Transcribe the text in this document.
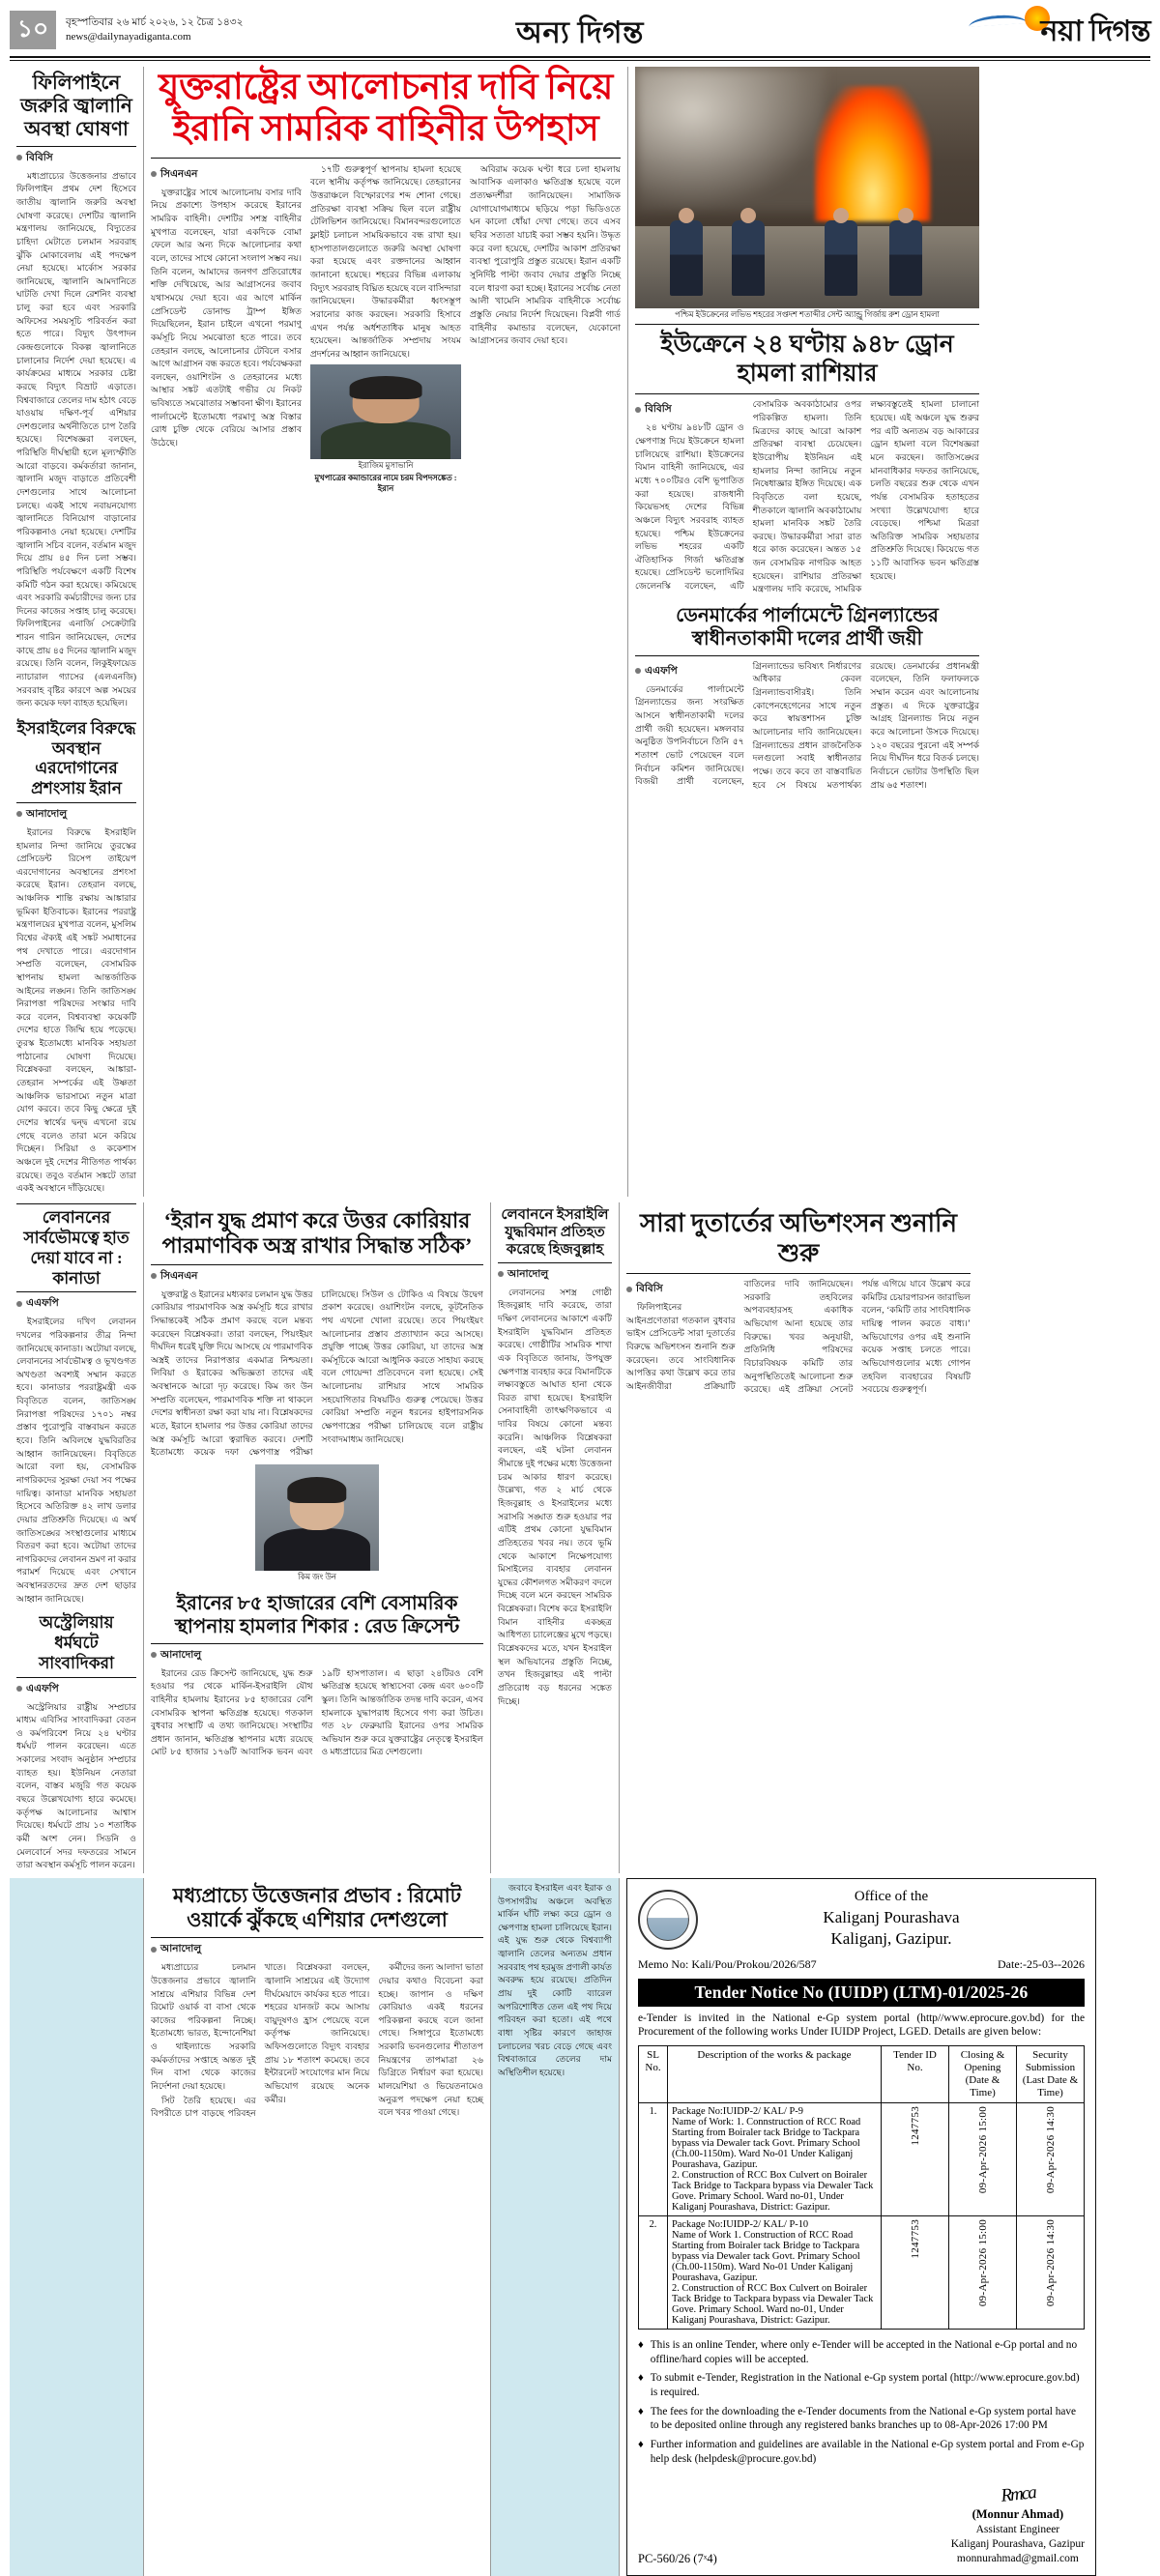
১০	বৃহস্পতিবার ২৬ মার্চ ২০২৬, ১২ চৈত্র ১৪৩২
news@dailynayadiganta.com	অন্য দিগন্ত	নয়া দিগন্ত
ফিলিপাইনে জরুরি জ্বালানি অবস্থা ঘোষণা
বিবিসি

মধ্যপ্রাচ্যের উত্তেজনার প্রভাবে ফিলিপাইন প্রথম দেশ হিসেবে জাতীয় জ্বালানি জরুরি অবস্থা ঘোষণা করেছে। দেশটির জ্বালানি মন্ত্রণালয় জানিয়েছে, বিদ্যুতের চাহিদা মেটাতে চলমান সরবরাহ ঝুঁকি মোকাবেলায় এই পদক্ষেপ নেয়া হয়েছে। মার্কোস সরকার জানিয়েছে, জ্বালানি আমদানিতে ঘাটতি দেখা দিলে রেশনিং ব্যবস্থা চালু করা হবে এবং সরকারি অফিসের সময়সূচি পরিবর্তন করা হতে পারে। বিদ্যুৎ উৎপাদন কেন্দ্রগুলোকে বিকল্প জ্বালানিতে চালানোর নির্দেশ দেয়া হয়েছে। এ কার্যক্রমের মাধ্যমে সরকার চেষ্টা করছে বিদ্যুৎ বিভ্রাট এড়াতে। বিশ্ববাজারে তেলের দাম হঠাৎ বেড়ে যাওয়ায় দক্ষিণ-পূর্ব এশিয়ার দেশগুলোর অর্থনীতিতে চাপ তৈরি হয়েছে। বিশেষজ্ঞরা বলছেন, পরিস্থিতি দীর্ঘস্থায়ী হলে মূল্যস্ফীতি আরো বাড়বে। কর্মকর্তারা জানান, জ্বালানি মজুদ বাড়াতে প্রতিবেশী দেশগুলোর সাথে আলোচনা চলছে। একই সাথে নবায়নযোগ্য জ্বালানিতে বিনিয়োগ বাড়ানোর পরিকল্পনাও নেয়া হয়েছে। দেশটির জ্বালানি সচিব বলেন, বর্তমান মজুদ দিয়ে প্রায় ৪৫ দিন চলা সম্ভব। পরিস্থিতি পর্যবেক্ষণে একটি বিশেষ কমিটি গঠন করা হয়েছে। কমিয়েছে এবং সরকারি কর্মচারীদের জন্য চার দিনের কাজের সপ্তাহ চালু করেছে। ফিলিপাইনের এনার্জি সেক্রেটারি শারন গারিন জানিয়েছেন, দেশের কাছে প্রায় ৪৫ দিনের জ্বালানি মজুদ রয়েছে। তিনি বলেন, লিকুইফায়েড ন্যাচারাল গ্যাসের (এলএনজি) সরবরাহ বৃষ্টির কারণে অল্প সময়ের জন্য কয়েক দফা ব্যাহত হয়েছিল।

ইসরাইলের বিরুদ্ধে অবস্থান এরদোগানের প্রশংসায় ইরান
আনাদোলু

ইরানের বিরুদ্ধে ইসরাইলি হামলার নিন্দা জানিয়ে তুরস্কের প্রেসিডেন্ট রিসেপ তাইয়েপ এরদোগানের অবস্থানের প্রশংসা করেছে ইরান। তেহরান বলছে, আঞ্চলিক শান্তি রক্ষায় আঙ্কারার ভূমিকা ইতিবাচক। ইরানের পররাষ্ট্র মন্ত্রণালয়ের মুখপাত্র বলেন, মুসলিম বিশ্বের ঐক্যই এই সঙ্কট সমাধানের পথ দেখাতে পারে। এরদোগান সম্প্রতি বলেছেন, বেসামরিক স্থাপনায় হামলা আন্তর্জাতিক আইনের লঙ্ঘন। তিনি জাতিসঙ্ঘ নিরাপত্তা পরিষদের সংস্কার দাবি করে বলেন, বিশ্বব্যবস্থা কয়েকটি দেশের হাতে জিম্মি হয়ে পড়েছে। তুরস্ক ইতোমধ্যে মানবিক সহায়তা পাঠানোর ঘোষণা দিয়েছে। বিশ্লেষকরা বলছেন, আঙ্কারা-তেহরান সম্পর্কের এই উষ্ণতা আঞ্চলিক ভারসাম্যে নতুন মাত্রা যোগ করবে। তবে কিছু ক্ষেত্রে দুই দেশের স্বার্থের দ্বন্দ্ব এখনো রয়ে গেছে বলেও তারা মনে করিয়ে দিচ্ছেন। সিরিয়া ও ককেশাস অঞ্চলে দুই দেশের নীতিগত পার্থক্য রয়েছে। তবুও বর্তমান সঙ্কটে তারা একই অবস্থানে দাঁড়িয়েছে।

যুক্তরাষ্ট্রের আলোচনার দাবি নিয়ে ইরানি সামরিক বাহিনীর উপহাস
সিএনএন

যুক্তরাষ্ট্রের সাথে আলোচনায় বসার দাবি নিয়ে প্রকাশ্যে উপহাস করেছে ইরানের সামরিক বাহিনী। দেশটির সশস্ত্র বাহিনীর মুখপাত্র বলেছেন, যারা একদিকে বোমা ফেলে আর অন্য দিকে আলোচনার কথা বলে, তাদের সাথে কোনো সংলাপ সম্ভব নয়। তিনি বলেন, আমাদের জনগণ প্রতিরোধের শক্তি দেখিয়েছে, আর আগ্রাসনের জবাব যথাসময়ে দেয়া হবে। এর আগে মার্কিন প্রেসিডেন্ট ডোনাল্ড ট্রাম্প ইঙ্গিত দিয়েছিলেন, ইরান চাইলে এখনো পরমাণু কর্মসূচি নিয়ে সমঝোতা হতে পারে। তবে তেহরান বলছে, আলোচনার টেবিলে বসার আগে আগ্রাসন বন্ধ করতে হবে। পর্যবেক্ষকরা বলছেন, ওয়াশিংটন ও তেহরানের মধ্যে আস্থার সঙ্কট এতটাই গভীর যে নিকট ভবিষ্যতে সমঝোতার সম্ভাবনা ক্ষীণ। ইরানের পার্লামেন্টে ইতোমধ্যে পরমাণু অস্ত্র বিস্তার রোধ চুক্তি থেকে বেরিয়ে আসার প্রস্তাব উঠেছে।

১৭টি গুরুত্বপূর্ণ স্থাপনায় হামলা হয়েছে বলে স্থানীয় কর্তৃপক্ষ জানিয়েছে। তেহরানের উত্তরাঞ্চলে বিস্ফোরণের শব্দ শোনা গেছে। প্রতিরক্ষা ব্যবস্থা সক্রিয় ছিল বলে রাষ্ট্রীয় টেলিভিশন জানিয়েছে। বিমানবন্দরগুলোতে ফ্লাইট চলাচল সাময়িকভাবে বন্ধ রাখা হয়। হাসপাতালগুলোতে জরুরি অবস্থা ঘোষণা করা হয়েছে এবং রক্তদানের আহ্বান জানানো হয়েছে। শহরের বিভিন্ন এলাকায় বিদ্যুৎ সরবরাহ বিঘ্নিত হয়েছে বলে বাসিন্দারা জানিয়েছেন। উদ্ধারকর্মীরা ধ্বংসস্তূপ সরানোর কাজ করছেন। সরকারি হিসাবে এখন পর্যন্ত অর্ধশতাধিক মানুষ আহত হয়েছেন। আন্তর্জাতিক সম্প্রদায় সংযম প্রদর্শনের আহ্বান জানিয়েছে।

ইরাজিম মুসাভানি
মুখপাত্রের কমান্ডারের নামে চরম বিপদসঙ্কেত : ইরান

অবিরাম কয়েক ঘণ্টা ধরে চলা হামলায় আবাসিক এলাকাও ক্ষতিগ্রস্ত হয়েছে বলে প্রত্যক্ষদর্শীরা জানিয়েছেন। সামাজিক যোগাযোগমাধ্যমে ছড়িয়ে পড়া ভিডিওতে ঘন কালো ধোঁয়া দেখা গেছে। তবে এসব ছবির সত্যতা যাচাই করা সম্ভব হয়নি। উদ্ধৃত করে বলা হয়েছে, দেশটির আকাশ প্রতিরক্ষা ব্যবস্থা পুরোপুরি প্রস্তুত রয়েছে। ইরান একটি সুনির্দিষ্ট পাল্টা জবাব দেয়ার প্রস্তুতি নিচ্ছে বলে ধারণা করা হচ্ছে। ইরানের সর্বোচ্চ নেতা আলী খামেনি সামরিক বাহিনীকে সর্বোচ্চ প্রস্তুতি নেয়ার নির্দেশ দিয়েছেন। বিপ্লবী গার্ড বাহিনীর কমান্ডার বলেছেন, যেকোনো আগ্রাসনের জবাব দেয়া হবে।

পশ্চিম ইউক্রেনের লভিভ শহরের সপ্তদশ শতাব্দীর সেন্ট অ্যান্ড্রু গির্জায় রুশ ড্রোন হামলা
ইউক্রেনে ২৪ ঘণ্টায় ৯৪৮ ড্রোন হামলা রাশিয়ার
বিবিসি

২৪ ঘণ্টায় ৯৪৮টি ড্রোন ও ক্ষেপণাস্ত্র দিয়ে ইউক্রেনে হামলা চালিয়েছে রাশিয়া। ইউক্রেনের বিমান বাহিনী জানিয়েছে, এর মধ্যে ৭০০টিরও বেশি ভূপাতিত করা হয়েছে। রাজধানী কিয়েভসহ দেশের বিভিন্ন অঞ্চলে বিদ্যুৎ সরবরাহ ব্যাহত হয়েছে। পশ্চিম ইউক্রেনের লভিভ শহরের একটি ঐতিহাসিক গির্জা ক্ষতিগ্রস্ত হয়েছে। প্রেসিডেন্ট ভলোদিমির জেলেনস্কি বলেছেন, এটি বেসামরিক অবকাঠামোর ওপর পরিকল্পিত হামলা। তিনি মিত্রদের কাছে আরো আকাশ প্রতিরক্ষা ব্যবস্থা চেয়েছেন। ইউরোপীয় ইউনিয়ন এই হামলার নিন্দা জানিয়ে নতুন নিষেধাজ্ঞার ইঙ্গিত দিয়েছে। এক বিবৃতিতে বলা হয়েছে, শীতকালে জ্বালানি অবকাঠামোয় হামলা মানবিক সঙ্কট তৈরি করছে। উদ্ধারকর্মীরা সারা রাত ধরে কাজ করেছেন। অন্তত ১৫ জন বেসামরিক নাগরিক আহত হয়েছেন। রাশিয়ার প্রতিরক্ষা মন্ত্রণালয় দাবি করেছে, সামরিক লক্ষ্যবস্তুতেই হামলা চালানো হয়েছে। এই অঞ্চলে যুদ্ধ শুরুর পর এটি অন্যতম বড় আকারের ড্রোন হামলা বলে বিশেষজ্ঞরা মনে করছেন। জাতিসঙ্ঘের মানবাধিকার দফতর জানিয়েছে, চলতি বছরের শুরু থেকে এখন পর্যন্ত বেসামরিক হতাহতের সংখ্যা উল্লেখযোগ্য হারে বেড়েছে। পশ্চিমা মিত্ররা অতিরিক্ত সামরিক সহায়তার প্রতিশ্রুতি দিয়েছে। কিয়েভে গত ১১টি আবাসিক ভবন ক্ষতিগ্রস্ত হয়েছে।

ডেনমার্কের পার্লামেন্টে গ্রিনল্যান্ডের স্বাধীনতাকামী দলের প্রার্থী জয়ী
এএফপি

ডেনমার্কের পার্লামেন্টে গ্রিনল্যান্ডের জন্য সংরক্ষিত আসনে স্বাধীনতাকামী দলের প্রার্থী জয়ী হয়েছেন। মঙ্গলবার অনুষ্ঠিত উপনির্বাচনে তিনি ৫৭ শতাংশ ভোট পেয়েছেন বলে নির্বাচন কমিশন জানিয়েছে। বিজয়ী প্রার্থী বলেছেন, গ্রিনল্যান্ডের ভবিষ্যৎ নির্ধারণের অধিকার কেবল গ্রিনল্যান্ডবাসীরই। তিনি কোপেনহেগেনের সাথে নতুন করে স্বায়ত্তশাসন চুক্তি আলোচনার দাবি জানিয়েছেন। গ্রিনল্যান্ডের প্রধান রাজনৈতিক দলগুলো সবাই স্বাধীনতার পক্ষে। তবে কবে তা বাস্তবায়িত হবে সে বিষয়ে মতপার্থক্য রয়েছে। ডেনমার্কের প্রধানমন্ত্রী বলেছেন, তিনি ফলাফলকে সম্মান করেন এবং আলোচনায় প্রস্তুত। এ দিকে যুক্তরাষ্ট্রের আগ্রহ গ্রিনল্যান্ড নিয়ে নতুন করে আলোচনা উসকে দিয়েছে। ১২০ বছরের পুরনো এই সম্পর্ক নিয়ে দীর্ঘদিন ধরে বিতর্ক চলছে। নির্বাচনে ভোটার উপস্থিতি ছিল প্রায় ৬৫ শতাংশ।

লেবাননের সার্বভৌমত্বে হাত দেয়া যাবে না : কানাডা
এএফপি

ইসরাইলের দখিণ লেবানন দখলের পরিকল্পনার তীব্র নিন্দা জানিয়েছে কানাডা। অটোয়া বলছে, লেবাননের সার্বভৌমত্ব ও ভূখণ্ডগত অখণ্ডতা অবশ্যই সম্মান করতে হবে। কানাডার পররাষ্ট্রমন্ত্রী এক বিবৃতিতে বলেন, জাতিসঙ্ঘ নিরাপত্তা পরিষদের ১৭০১ নম্বর প্রস্তাব পুরোপুরি বাস্তবায়ন করতে হবে। তিনি অবিলম্বে যুদ্ধবিরতির আহ্বান জানিয়েছেন। বিবৃতিতে আরো বলা হয়, বেসামরিক নাগরিকদের সুরক্ষা দেয়া সব পক্ষের দায়িত্ব। কানাডা মানবিক সহায়তা হিসেবে অতিরিক্ত ৪২ লাখ ডলার দেয়ার প্রতিশ্রুতি দিয়েছে। এ অর্থ জাতিসঙ্ঘের সংস্থাগুলোর মাধ্যমে বিতরণ করা হবে। অটোয়া তাদের নাগরিকদের লেবানন ভ্রমণ না করার পরামর্শ দিয়েছে এবং সেখানে অবস্থানরতদের দ্রুত দেশ ছাড়ার আহ্বান জানিয়েছে।

অস্ট্রেলিয়ায় ধর্মঘটে সাংবাদিকরা
এএফপি

অস্ট্রেলিয়ার রাষ্ট্রীয় সম্প্রচার মাধ্যম এবিসির সাংবাদিকরা বেতন ও কর্মপরিবেশ নিয়ে ২৪ ঘণ্টার ধর্মঘট পালন করেছেন। এতে সকালের সংবাদ অনুষ্ঠান সম্প্রচার ব্যাহত হয়। ইউনিয়ন নেতারা বলেন, বাস্তব মজুরি গত কয়েক বছরে উল্লেখযোগ্য হারে কমেছে। কর্তৃপক্ষ আলোচনার আশ্বাস দিয়েছে। ধর্মঘটে প্রায় ১০ শতাধিক কর্মী অংশ নেন। সিডনি ও মেলবোর্নে সদর দফতরের সামনে তারা অবস্থান কর্মসূচি পালন করেন।

‘ইরান যুদ্ধ প্রমাণ করে উত্তর কোরিয়ার পারমাণবিক অস্ত্র রাখার সিদ্ধান্ত সঠিক’
সিএনএন

যুক্তরাষ্ট্র ও ইরানের মধ্যকার চলমান যুদ্ধ উত্তর কোরিয়ার পারমাণবিক অস্ত্র কর্মসূচি ধরে রাখার সিদ্ধান্তকেই সঠিক প্রমাণ করছে বলে মন্তব্য করেছেন বিশ্লেষকরা। তারা বলছেন, পিয়ংইয়ং দীর্ঘদিন ধরেই যুক্তি দিয়ে আসছে যে পারমাণবিক অস্ত্রই তাদের নিরাপত্তার একমাত্র নিশ্চয়তা। লিবিয়া ও ইরাকের অভিজ্ঞতা তাদের এই অবস্থানকে আরো দৃঢ় করেছে। কিম জং উন সম্প্রতি বলেছেন, পারমাণবিক শক্তি না থাকলে দেশের স্বাধীনতা রক্ষা করা যায় না। বিশ্লেষকদের মতে, ইরানে হামলার পর উত্তর কোরিয়া তাদের অস্ত্র কর্মসূচি আরো ত্বরান্বিত করবে। দেশটি ইতোমধ্যে কয়েক দফা ক্ষেপণাস্ত্র পরীক্ষা চালিয়েছে। সিউল ও টোকিও এ বিষয়ে উদ্বেগ প্রকাশ করেছে। ওয়াশিংটন বলছে, কূটনৈতিক পথ এখনো খোলা রয়েছে। তবে পিয়ংইয়ং আলোচনার প্রস্তাব প্রত্যাখ্যান করে আসছে। প্রযুক্তি পাচ্ছে উত্তর কোরিয়া, যা তাদের অস্ত্র কর্মসূচিকে আরো আধুনিক করতে সাহায্য করছে বলে গোয়েন্দা প্রতিবেদনে বলা হয়েছে। সেই আলোচনায় রাশিয়ার সাথে সামরিক সহযোগিতার বিষয়টিও গুরুত্ব পেয়েছে। উত্তর কোরিয়া সম্প্রতি নতুন ধরনের হাইপারসনিক ক্ষেপণাস্ত্রের পরীক্ষা চালিয়েছে বলে রাষ্ট্রীয় সংবাদমাধ্যম জানিয়েছে।

কিম জং উন
ইরানের ৮৫ হাজারের বেশি বেসামরিক স্থাপনায় হামলার শিকার : রেড ক্রিসেন্ট
আনাদোলু

ইরানের রেড ক্রিসেন্ট জানিয়েছে, যুদ্ধ শুরু হওয়ার পর থেকে মার্কিন-ইসরাইলি যৌথ বাহিনীর হামলায় ইরানের ৮৫ হাজারের বেশি বেসামরিক স্থাপনা ক্ষতিগ্রস্ত হয়েছে। গতকাল বুধবার সংস্থাটি এ তথ্য জানিয়েছে। সংস্থাটির প্রধান জানান, ক্ষতিগ্রস্ত স্থাপনার মধ্যে রয়েছে মোট ৮৫ হাজার ১৭৬টি আবাসিক ভবন এবং ১৯টি হাসপাতাল। এ ছাড়া ২৪টিরও বেশি ক্ষতিগ্রস্ত হয়েছে স্বাস্থ্যসেবা কেন্দ্র এবং ৬০০টি স্কুল। তিনি আন্তর্জাতিক তদন্ত দাবি করেন, এসব হামলাকে যুদ্ধাপরাধ হিসেবে গণ্য করা উচিত। গত ২৮ ফেব্রুয়ারি ইরানের ওপর সামরিক অভিযান শুরু করে যুক্তরাষ্ট্রের নেতৃত্বে ইসরাইল ও মধ্যপ্রাচ্যের মিত্র দেশগুলো।

লেবাননে ইসরাইলি যুদ্ধবিমান প্রতিহত করেছে হিজবুল্লাহ
আনাদোলু

লেবাননের সশস্ত্র গোষ্ঠী হিজবুল্লাহ দাবি করেছে, তারা দক্ষিণ লেবাননের আকাশে একটি ইসরাইলি যুদ্ধবিমান প্রতিহত করেছে। গোষ্ঠীটির সামরিক শাখা এক বিবৃতিতে জানায়, উপযুক্ত ক্ষেপণাস্ত্র ব্যবহার করে বিমানটিকে লক্ষ্যবস্তুতে আঘাত হানা থেকে বিরত রাখা হয়েছে। ইসরাইলি সেনাবাহিনী তাৎক্ষণিকভাবে এ দাবির বিষয়ে কোনো মন্তব্য করেনি। আঞ্চলিক বিশ্লেষকরা বলছেন, এই ঘটনা লেবানন সীমান্তে দুই পক্ষের মধ্যে উত্তেজনা চরম আকার ধারণ করেছে। উল্লেখ্য, গত ২ মার্চ থেকে হিজবুল্লাহ ও ইসরাইলের মধ্যে সরাসরি সঙ্ঘাত শুরু হওয়ার পর এটিই প্রথম কোনো যুদ্ধবিমান প্রতিহতের খবর নয়। তবে ভূমি থেকে আকাশে নিক্ষেপযোগ্য মিসাইলের ব্যবহার লেবানন যুদ্ধের কৌশলগত সমীকরণ বদলে দিচ্ছে বলে মনে করছেন সামরিক বিশ্লেষকরা। বিশেষ করে ইসরাইলি বিমান বাহিনীর একচ্ছত্র আধিপত্য চ্যালেঞ্জের মুখে পড়ছে। বিশ্লেষকদের মতে, যখন ইসরাইল স্থল অভিযানের প্রস্তুতি নিচ্ছে, তখন হিজবুল্লাহর এই পাল্টা প্রতিরোধ বড় ধরনের সঙ্কেত দিচ্ছে।

সারা দুতার্তের অভিশংসন শুনানি শুরু
বিবিসি

ফিলিপাইনের আইনপ্রণেতারা গতকাল বুধবার ভাইস প্রেসিডেন্ট সারা দুতার্তের বিরুদ্ধে অভিশংসন শুনানি শুরু করেছেন। তবে সাংবিধানিক আপত্তির কথা উল্লেখ করে তার আইনজীবীরা প্রক্রিয়াটি বাতিলের দাবি জানিয়েছেন। সরকারি তহবিলের অপব্যবহারসহ একাধিক অভিযোগ আনা হয়েছে তার বিরুদ্ধে। খবর অনুযায়ী, প্রতিনিধি পরিষদের বিচারবিষয়ক কমিটি তার অনুপস্থিতিতেই আলোচনা শুরু করেছে। এই প্রক্রিয়া সেনেট পর্যন্ত এগিয়ে যাবে উল্লেখ করে কমিটির চেয়ারপারসন জারাভিল বলেন, ‘কমিটি তার সাংবিধানিক দায়িত্ব পালন করতে বাধ্য।’ অভিযোগের ওপর এই শুনানি কয়েক সপ্তাহ চলতে পারে। অভিযোগগুলোর মধ্যে গোপন তহবিল ব্যবহারের বিষয়টি সবচেয়ে গুরুত্বপূর্ণ।

মধ্যপ্রাচ্যে উত্তেজনার প্রভাব : রিমোট ওয়ার্কে ঝুঁকছে এশিয়ার দেশগুলো
আনাদোলু

মধ্যপ্রাচ্যের চলমান উত্তেজনার প্রভাবে জ্বালানি সাশ্রয়ে এশিয়ার বিভিন্ন দেশ রিমোট ওয়ার্ক বা বাসা থেকে কাজের পরিকল্পনা নিচ্ছে। ইতোমধ্যে ভারত, ইন্দোনেশিয়া ও থাইল্যান্ডে সরকারি কর্মকর্তাদের সপ্তাহে অন্তত দুই দিন বাসা থেকে কাজের নির্দেশনা দেয়া হয়েছে।

সিট তৈরি হয়েছে। এর বিপরীতে চাপ বাড়ছে পরিবহন খাতে। বিশ্লেষকরা বলছেন, জ্বালানি সাশ্রয়ের এই উদ্যোগ দীর্ঘমেয়াদে কার্যকর হতে পারে। শহরের যানজট কমে আসায় বায়ুদূষণও হ্রাস পেয়েছে বলে কর্তৃপক্ষ জানিয়েছে। অফিসগুলোতে বিদ্যুৎ ব্যবহার প্রায় ১৮ শতাংশ কমেছে। তবে ইন্টারনেট সংযোগের মান নিয়ে অভিযোগ রয়েছে অনেক কর্মীর।

কর্মীদের জন্য আলাদা ভাতা দেয়ার কথাও বিবেচনা করা হচ্ছে। জাপান ও দক্ষিণ কোরিয়াও একই ধরনের পরিকল্পনা করছে বলে জানা গেছে। সিঙ্গাপুরে ইতোমধ্যে সরকারি ভবনগুলোর শীতাতপ নিয়ন্ত্রণের তাপমাত্রা ২৬ ডিগ্রিতে নির্ধারণ করা হয়েছে। মালয়েশিয়া ও ভিয়েতনামেও অনুরূপ পদক্ষেপ নেয়া হচ্ছে বলে খবর পাওয়া গেছে।

জবাবে ইসরাইল এবং ইরাক ও উপসাগরীয় অঞ্চলে অবস্থিত মার্কিন ঘাঁটি লক্ষ্য করে ড্রোন ও ক্ষেপণাস্ত্র হামলা চালিয়েছে ইরান। এই যুদ্ধ শুরু থেকে বিশ্বব্যাপী জ্বালানি তেলের অন্যতম প্রধান সরবরাহ পথ হরমুজ প্রণালী কার্যত অবরুদ্ধ হয়ে রয়েছে। প্রতিদিন প্রায় দুই কোটি ব্যারেল অপরিশোধিত তেল এই পথ দিয়ে পরিবহন করা হতো। এই পথে বাধা সৃষ্টির কারণে জাহাজ চলাচলের খরচ বেড়ে গেছে এবং বিশ্ববাজারে তেলের দাম অস্থিতিশীল হয়েছে।

Office of the
Kaliganj Pourashava
Kaliganj, Gazipur.
Memo No: Kali/Pou/Prokou/2026/587	Date:-25-03--2026
Tender Notice No (IUIDP) (LTM)-01/2025-26
e-Tender is invited in the National e-Gp system portal (http//www.eprocure.gov.bd) for the Procurement of the following works Under IUIDP Project, LGED. Details are given below:
SL No.	Description of the works & package	Tender ID No.	Closing & Opening (Date & Time)	Security Submission (Last Date & Time)
1.	Package No:IUIDP-2/ KAL/ P-9
Name of Work: 1. Connstruction of RCC Road Starting from Boiraler tack Bridge to Tackpara bypass via Dewaler tack Govt. Primary School (Ch.00-1150m). Ward No-01 Under Kaliganj Pourashava, Gazipur.
2. Construction of RCC Box Culvert on Boiraler Tack Bridge to Tackpara bypass via Dewaler Tack Gove. Primary School. Ward no-01, Under Kaliganj Pourashava, District: Gazipur.	1247753	09-Apr-2026 15:00	09-Apr-2026 14:30

2.	Package No:IUIDP-2/ KAL/ P-10
Name of Work 1. Construction of RCC Road Starting from Boiraler tack Bridge to Tackpara bypass via Dewaler tack Govt. Primary School (Ch.00-1150m). Ward No-01 Under Kaliganj Pourashava, Gazipur.
2. Construction of RCC Box Culvert on Boiraler Tack Bridge to Tackpara bypass via Dewaler Tack Gove. Primary School. Ward no-01, Under Kaliganj Pourashava, District: Gazipur.	1247753	09-Apr-2026 15:00	09-Apr-2026 14:30
♦ This is an online Tender, where only e-Tender will be accepted in the National e-Gp portal and no offline/hard copies will be accepted.
♦ To submit e-Tender, Registration in the National e-Gp system portal (http://www.eprocure.gov.bd) is required.
♦ The fees for the downloading the e-Tender documents from the National e-Gp system portal have to be deposited online through any registered banks branches up to 08-Apr-2026 17:00 PM
♦ Further information and guidelines are available in the National e-Gp system portal and From e-Gp help desk (helpdesk@procure.gov.bd)
PC-560/26 (7ˣ4)
Rmca
(Monnur Ahmad)
Assistant Engineer
Kaliganj Pourashava, Gazipur
monnurahmad@gmail.com
